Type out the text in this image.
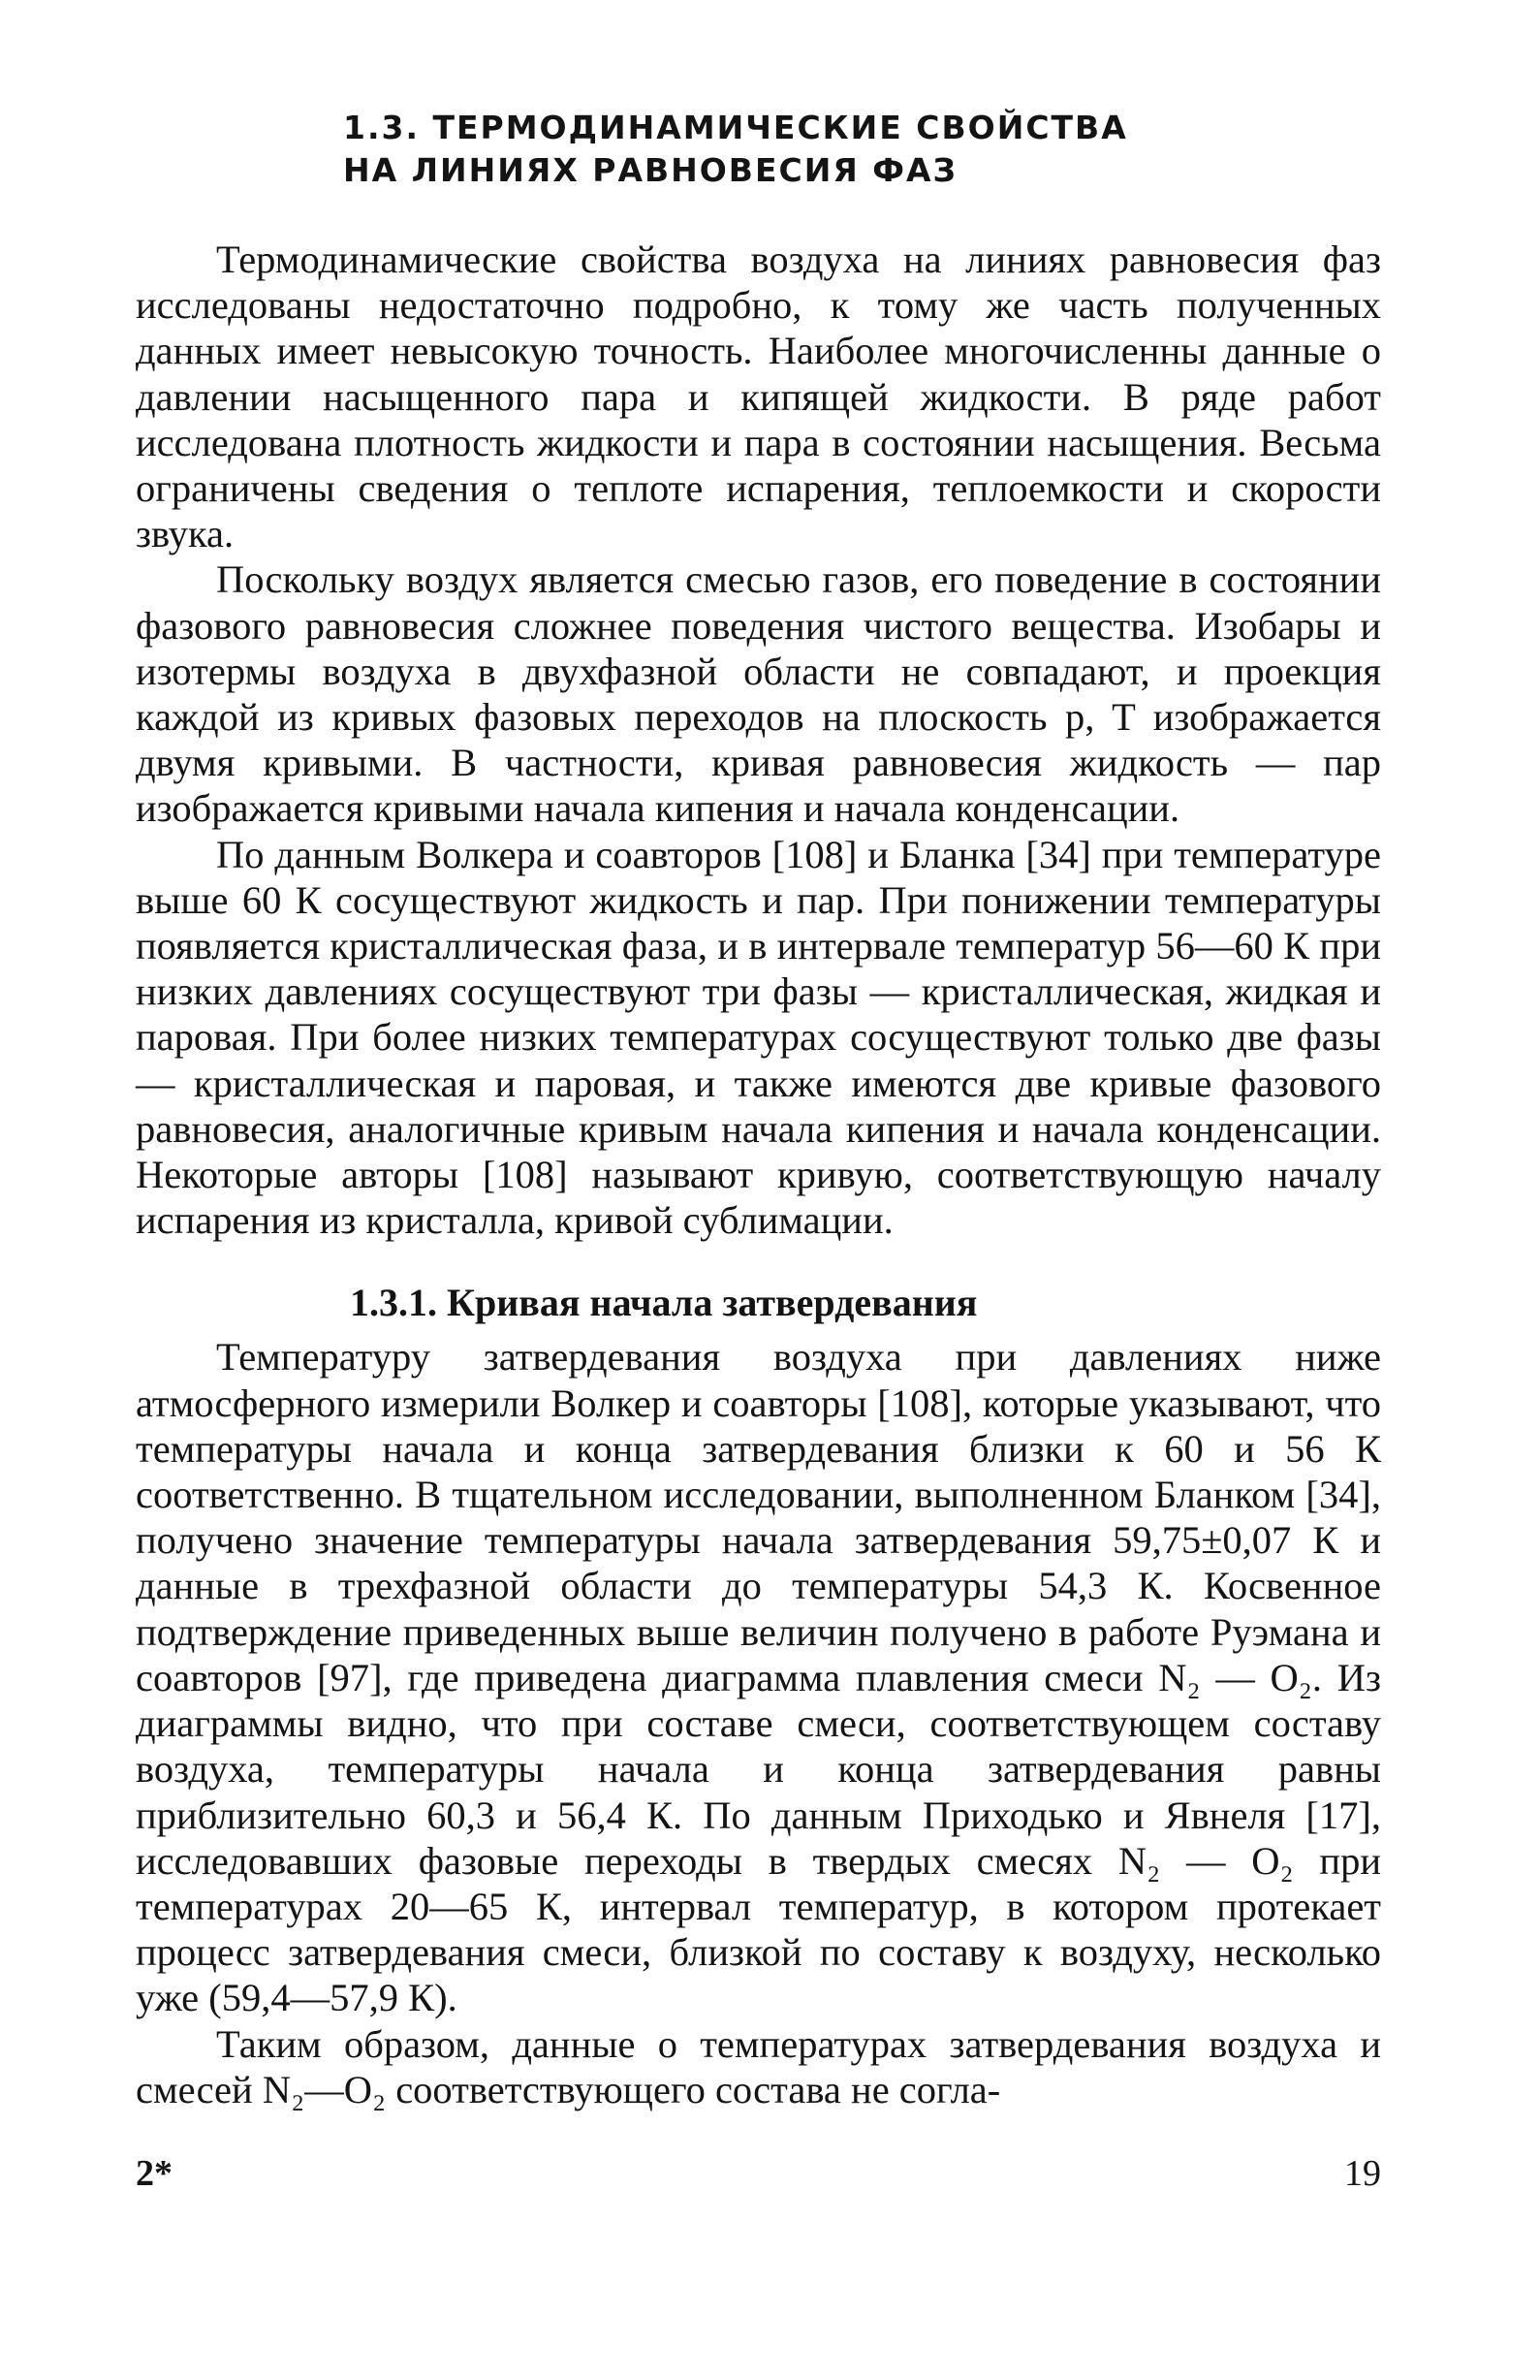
1.3. ТЕРМОДИНАМИЧЕСКИЕ СВОЙСТВА
НА ЛИНИЯХ РАВНОВЕСИЯ ФАЗ

Термодинамические свойства воздуха на линиях равновесия фаз исследованы недостаточно подробно, к тому же часть полученных данных имеет невысокую точность. Наиболее многочисленны данные о давлении насыщенного пара и кипящей жидкости. В ряде работ исследована плотность жидкости и пара в состоянии насыщения. Весьма ограничены сведения о теплоте испарения, теплоемкости и скорости звука.

Поскольку воздух является смесью газов, его поведение в состоянии фазового равновесия сложнее поведения чистого вещества. Изобары и изотермы воздуха в двухфазной области не совпадают, и проекция каждой из кривых фазовых переходов на плоскость p, T изображается двумя кривыми. В частности, кривая равновесия жидкость — пар изображается кривыми начала кипения и начала конденсации.

По данным Волкера и соавторов [108] и Бланка [34] при температуре выше 60 К сосуществуют жидкость и пар. При понижении температуры появляется кристаллическая фаза, и в интервале температур 56—60 К при низких давлениях сосуществуют три фазы — кристаллическая, жидкая и паровая. При более низких температурах сосуществуют только две фазы — кристаллическая и паровая, и также имеются две кривые фазового равновесия, аналогичные кривым начала кипения и начала конденсации. Некоторые авторы [108] называют кривую, соответствующую началу испарения из кристалла, кривой сублимации.

1.3.1. Кривая начала затвердевания

Температуру затвердевания воздуха при давлениях ниже атмосферного измерили Волкер и соавторы [108], которые указывают, что температуры начала и конца затвердевания близки к 60 и 56 К соответственно. В тщательном исследовании, выполненном Бланком [34], получено значение температуры начала затвердевания 59,75±0,07 К и данные в трехфазной области до температуры 54,3 К. Косвенное подтверждение приведенных выше величин получено в работе Руэмана и соавторов [97], где приведена диаграмма плавления смеси N₂ — O₂. Из диаграммы видно, что при составе смеси, соответствующем составу воздуха, температуры начала и конца затвердевания равны приблизительно 60,3 и 56,4 К. По данным Приходько и Явнеля [17], исследовавших фазовые переходы в твердых смесях N₂ — O₂ при температурах 20—65 К, интервал температур, в котором протекает процесс затвердевания смеси, близкой по составу к воздуху, несколько уже (59,4—57,9 К).

Таким образом, данные о температурах затвердевания воздуха и смесей N₂—O₂ соответствующего состава не согла-

2*	19
